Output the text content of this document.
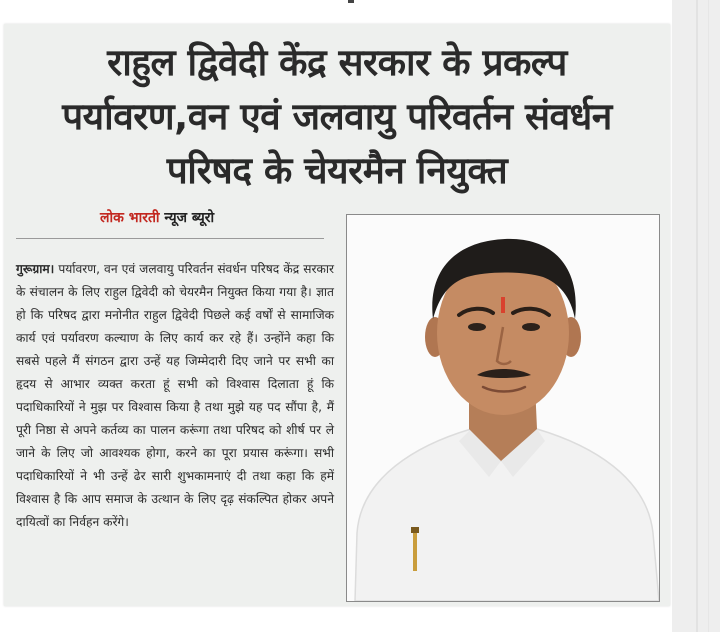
राहुल द्विवेदी केंद्र सरकार के प्रकल्प
पर्यावरण,वन एवं जलवायु परिवर्तन संवर्धन
परिषद के चेयरमैन नियुक्त
लोक भारती न्यूज ब्यूरो

गुरूग्राम। पर्यावरण, वन एवं जलवायु परिवर्तन संवर्धन परिषद केंद्र सरकार के संचालन के लिए राहुल द्विवेदी को चेयरमैन नियुक्त किया गया है। ज्ञात हो कि परिषद द्वारा मनोनीत राहुल द्विवेदी पिछले कई वर्षों से सामाजिक कार्य एवं पर्यावरण कल्याण के लिए कार्य कर रहे हैं। उन्होंने कहा कि सबसे पहले मैं संगठन द्वारा उन्हें यह जिम्मेदारी दिए जाने पर सभी का हृदय से आभार व्यक्त करता हूं सभी को विश्वास दिलाता हूं कि पदाधिकारियों ने मुझ पर विश्वास किया है तथा मुझे यह पद सौंपा है, मैं पूरी निष्ठा से अपने कर्तव्य का पालन करूंगा तथा परिषद को शीर्ष पर ले जाने के लिए जो आवश्यक होगा, करने का पूरा प्रयास करूंगा। सभी पदाधिकारियों ने भी उन्हें ढेर सारी शुभकामनाएं दी तथा कहा कि हमें विश्वास है कि आप समाज के उत्थान के लिए दृढ़ संकल्पित होकर अपने दायित्वों का निर्वहन करेंगे।
